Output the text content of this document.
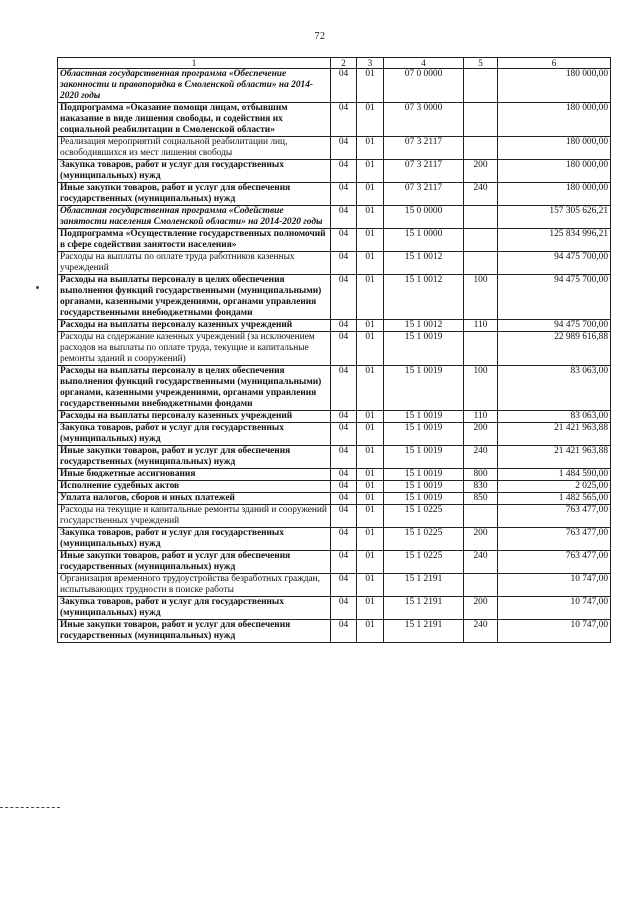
72
1	2	3	4	5	6
Областная государственная программа «Обеспечение законности и правопорядка в Смоленской области» на 2014-2020 годы	04	01	07 0 0000		180 000,00
Подпрограмма «Оказание помощи лицам, отбывшим наказание в виде лишения свободы, и содействия их социальной реабилитации в Смоленской области»	04	01	07 3 0000		180 000,00
Реализация мероприятий социальной реабилитации лиц, освободившихся из мест лишения свободы	04	01	07 3 2117		180 000,00
Закупка товаров, работ и услуг для государственных (муниципальных) нужд	04	01	07 3 2117	200	180 000,00
Иные закупки товаров, работ и услуг для обеспечения государственных (муниципальных) нужд	04	01	07 3 2117	240	180 000,00
Областная государственная программа «Содействие занятости населения Смоленской области» на 2014-2020 годы	04	01	15 0 0000		157 305 626,21
Подпрограмма «Осуществление государственных полномочий в сфере содействия занятости населения»	04	01	15 1 0000		125 834 996,21
Расходы на выплаты по оплате труда работников казенных учреждений	04	01	15 1 0012		94 475 700,00
Расходы на выплаты персоналу в целях обеспечения выполнения функций государственными (муниципальными) органами, казенными учреждениями, органами управления государственными внебюджетными фондами	04	01	15 1 0012	100	94 475 700,00
Расходы на выплаты персоналу казенных учреждений	04	01	15 1 0012	110	94 475 700,00
Расходы на содержание казенных учреждений (за исключением расходов на выплаты по оплате труда, текущие и капитальные ремонты зданий и сооружений)	04	01	15 1 0019		22 989 616,88
Расходы на выплаты персоналу в целях обеспечения выполнения функций государственными (муниципальными) органами, казенными учреждениями, органами управления государственными внебюджетными фондами	04	01	15 1 0019	100	83 063,00
Расходы на выплаты персоналу казенных учреждений	04	01	15 1 0019	110	83 063,00
Закупка товаров, работ и услуг для государственных (муниципальных) нужд	04	01	15 1 0019	200	21 421 963,88
Иные закупки товаров, работ и услуг для обеспечения государственных (муниципальных) нужд	04	01	15 1 0019	240	21 421 963,88
Иные бюджетные ассигнования	04	01	15 1 0019	800	1 484 590,00
Исполнение судебных актов	04	01	15 1 0019	830	2 025,00
Уплата налогов, сборов и иных платежей	04	01	15 1 0019	850	1 482 565,00
Расходы на текущие и капитальные ремонты зданий и сооружений государственных учреждений	04	01	15 1 0225		763 477,00
Закупка товаров, работ и услуг для государственных (муниципальных) нужд	04	01	15 1 0225	200	763 477,00
Иные закупки товаров, работ и услуг для обеспечения государственных (муниципальных) нужд	04	01	15 1 0225	240	763 477,00
Организация временного трудоустройства безработных граждан, испытывающих трудности в поиске работы	04	01	15 1 2191		10 747,00
Закупка товаров, работ и услуг для государственных (муниципальных) нужд	04	01	15 1 2191	200	10 747,00
Иные закупки товаров, работ и услуг для обеспечения государственных (муниципальных) нужд	04	01	15 1 2191	240	10 747,00
